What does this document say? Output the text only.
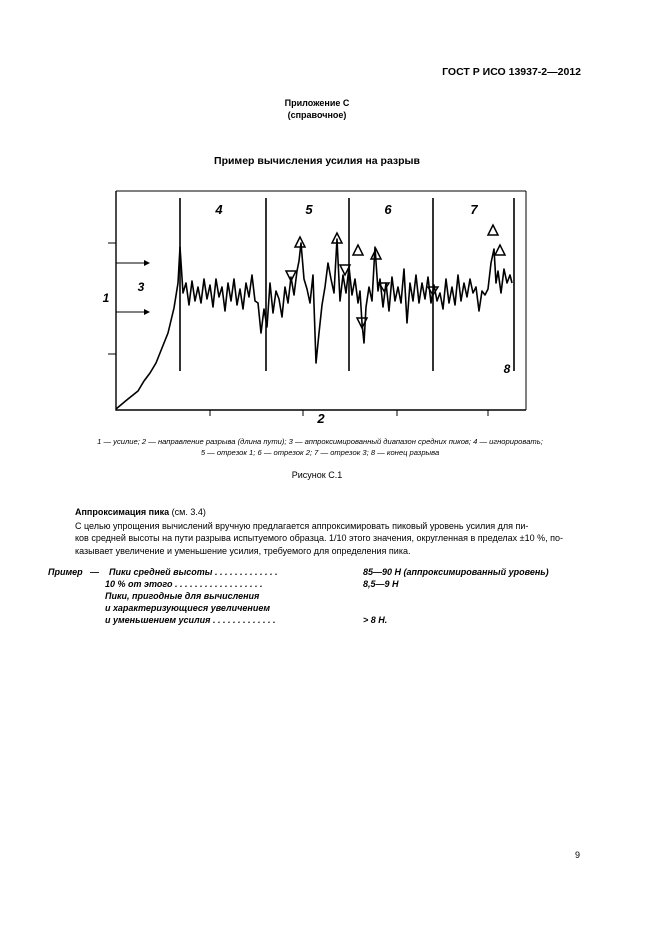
ГОСТ Р ИСО 13937-2—2012
Приложение С
(справочное)
Пример вычисления усилия на разрыв
4	5	6	7
3
1
2
8
1 — усилие; 2 — направление разрыва (длина пути); 3 — аппроксимированный диапазон средних пиков; 4 — игнорировать;
5 — отрезок 1; 6 — отрезок 2; 7 — отрезок 3; 8 — конец разрыва
Рисунок С.1
Аппроксимация пика (см. 3.4)
С целью упрощения вычислений вручную предлагается аппроксимировать пиковый уровень усилия для пи-
ков средней высоты на пути разрыва испытуемого образца. 1/10 этого значения, округленная в пределах ±10 %, по-
казывает увеличение и уменьшение усилия, требуемого для определения пика.
Пример — Пики средней высоты . . . . . . . . . . . . .	85—90 Н (аппроксимированный уровень)
10 % от этого . . . . . . . . . . . . . . . . . .	8,5—9 Н
Пики, пригодные для вычисления
и характеризующиеся увеличением
и уменьшением усилия . . . . . . . . . . . . .	> 8 Н.
9
